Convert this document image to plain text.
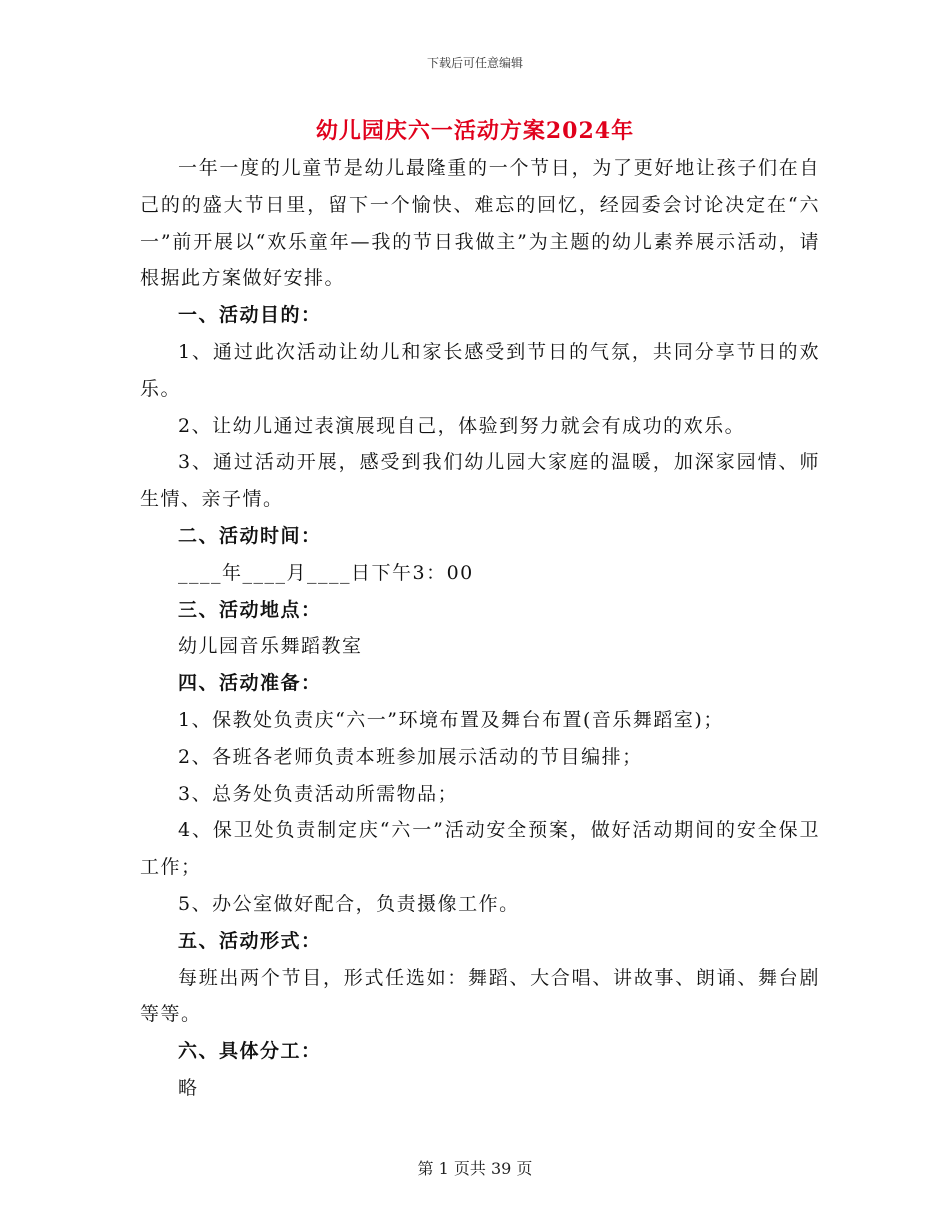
下载后可任意编辑
幼儿园庆六一活动方案2024年

一年一度的儿童节是幼儿最隆重的一个节日，为了更好地让孩子们在自己的的盛大节日里，留下一个愉快、难忘的回忆，经园委会讨论决定在“六一”前开展以“欢乐童年—我的节日我做主”为主题的幼儿素养展示活动，请根据此方案做好安排。

一、活动目的：

1、通过此次活动让幼儿和家长感受到节日的气氛，共同分享节日的欢乐。

2、让幼儿通过表演展现自己，体验到努力就会有成功的欢乐。

3、通过活动开展，感受到我们幼儿园大家庭的温暖，加深家园情、师生情、亲子情。

二、活动时间：

____年____月____日下午3：00

三、活动地点：

幼儿园音乐舞蹈教室

四、活动准备：

1、保教处负责庆“六一”环境布置及舞台布置(音乐舞蹈室)；

2、各班各老师负责本班参加展示活动的节目编排；

3、总务处负责活动所需物品；

4、保卫处负责制定庆“六一”活动安全预案，做好活动期间的安全保卫工作；

5、办公室做好配合，负责摄像工作。

五、活动形式：

每班出两个节目，形式任选如：舞蹈、大合唱、讲故事、朗诵、舞台剧等等。

六、具体分工：

略

第 1 页共 39 页
